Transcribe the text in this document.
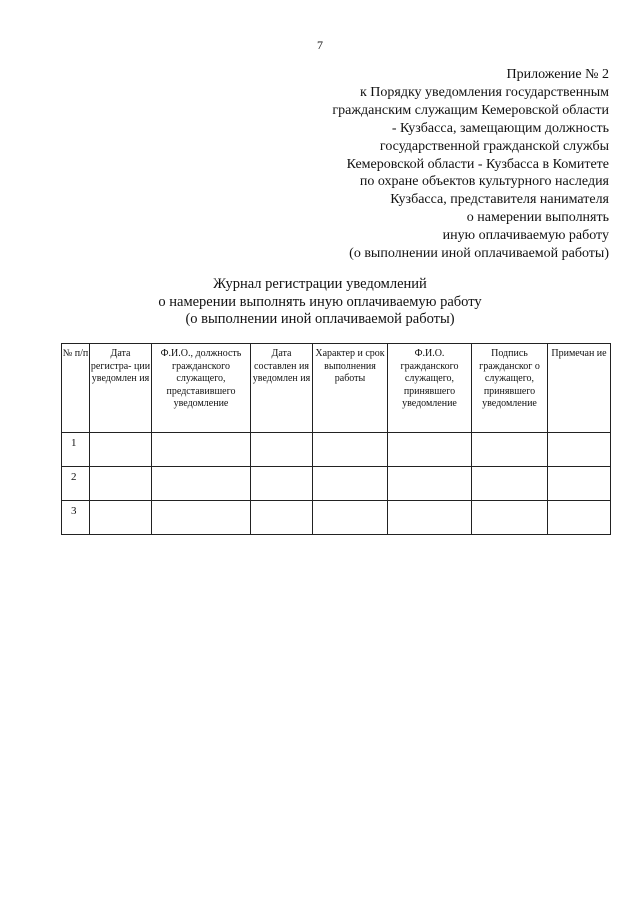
7
Приложение № 2
к Порядку уведомления государственным
гражданским служащим Кемеровской области
- Кузбасса, замещающим должность
государственной гражданской службы
Кемеровской области - Кузбасса в Комитете
по охране объектов культурного наследия
Кузбасса, представителя нанимателя
о намерении выполнять
иную оплачиваемую работу
(о выполнении иной оплачиваемой работы)
Журнал регистрации уведомлений
о намерении выполнять иную оплачиваемую работу
(о выполнении иной оплачиваемой работы)
№ п/п	Дата регистра- ции уведомлен ия	Ф.И.О., должность гражданского служащего, представившего уведомление	Дата составлен ия уведомлен ия	Характер и срок выполнения работы	Ф.И.О. гражданского служащего, принявшего уведомление	Подпись гражданског о служащего, принявшего уведомление	Примечан ие
1							
2							
3							
